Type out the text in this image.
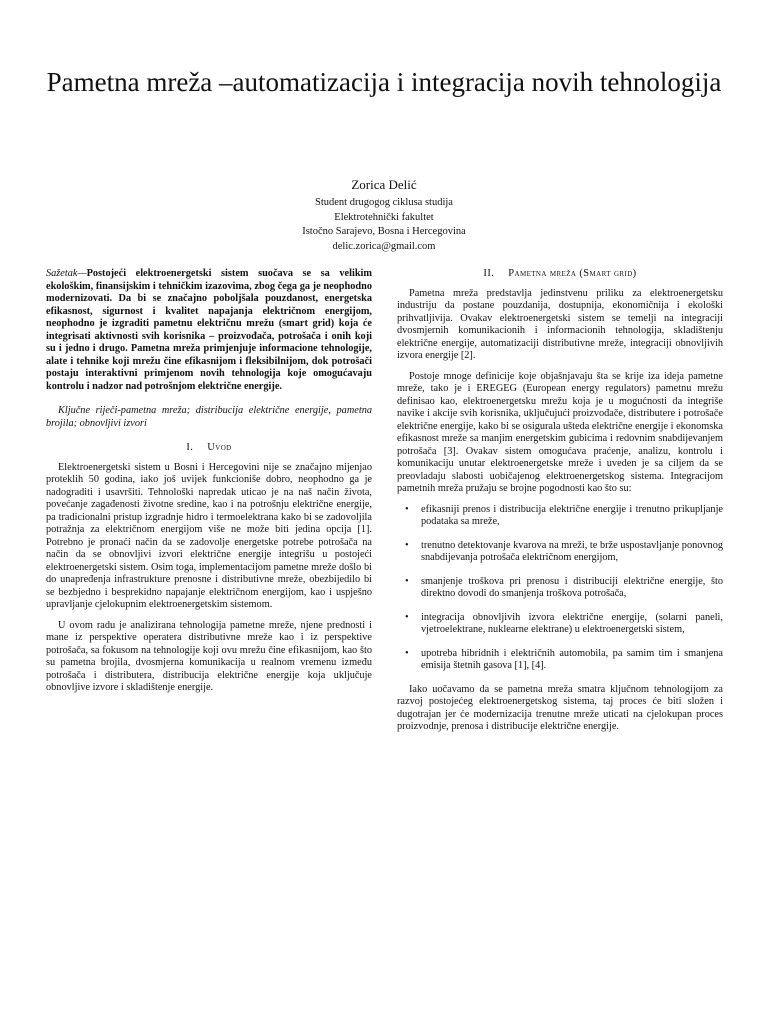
Pametna mreža –automatizacija i integracija novih tehnologija
Zorica Delić
Student drugogog ciklusa studija
Elektrotehnički fakultet
Istočno Sarajevo, Bosna i Hercegovina
delic.zorica@gmail.com

Sažetak—Postojeći elektroenergetski sistem suočava se sa velikim ekološkim, finansijskim i tehničkim izazovima, zbog čega ga je neophodno modernizovati. Da bi se značajno poboljšala pouzdanost, energetska efikasnost, sigurnost i kvalitet napajanja električnom energijom, neophodno je izgraditi pametnu električnu mrežu (smart grid) koja će integrisati aktivnosti svih korisnika – proizvođača, potrošača i onih koji su i jedno i drugo. Pametna mreža primjenjuje informacione tehnologije, alate i tehnike koji mrežu čine efikasnijom i fleksibilnijom, dok potrošači postaju interaktivni primjenom novih tehnologija koje omogućavaju kontrolu i nadzor nad potrošnjom električne energije.

Ključne riječi-pametna mreža; distribucija električne energije, pametna brojila; obnovljivi izvori

I. Uvod

Elektroenergetski sistem u Bosni i Hercegovini nije se značajno mijenjao proteklih 50 godina, iako još uvijek funkcioniše dobro, neophodno ga je nadograditi i usavršiti. Tehnološki napredak uticao je na naš način života, povećanje zagađenosti životne sredine, kao i na potrošnju električne energije, pa tradicionalni pristup izgradnje hidro i termoelektrana kako bi se zadovoljila potražnja za električnom energijom više ne može biti jedina opcija [1]. Potrebno je pronaći način da se zadovolje energetske potrebe potrošača na način da se obnovljivi izvori električne energije integrišu u postojeći elektroenergetski sistem. Osim toga, implementacijom pametne mreže došlo bi do unapređenja infrastrukture prenosne i distributivne mreže, obezbijedilo bi se bezbjedno i besprekidno napajanje električnom energijom, kao i uspješno upravljanje cjelokupnim elektroenergetskim sistemom.

U ovom radu je analizirana tehnologija pametne mreže, njene prednosti i mane iz perspektive operatera distributivne mreže kao i iz perspektive potrošača, sa fokusom na tehnologije koji ovu mrežu čine efikasnijom, kao što su pametna brojila, dvosmjerna komunikacija u realnom vremenu između potrošača i distributera, distribucija električne energije koja uključuje obnovljive izvore i skladištenje energije.

II. Pametna mreža (Smart grid)

Pametna mreža predstavlja jedinstvenu priliku za elektroenergetsku industriju da postane pouzdanija, dostupnija, ekonomičnija i ekološki prihvatljivija. Ovakav elektroenergetski sistem se temelji na integraciji dvosmjernih komunikacionih i informacionih tehnologija, skladištenju električne energije, automatizaciji distributivne mreže, integraciji obnovljivih izvora energije [2].

Postoje mnoge definicije koje objašnjavaju šta se krije iza ideja pametne mreže, tako je i EREGEG (European energy regulators) pametnu mrežu definisao kao, elektroenergetsku mrežu koja je u mogućnosti da integriše navike i akcije svih korisnika, uključujući proizvođače, distributere i potrošače električne energije, kako bi se osigurala ušteda električne energije i ekonomska efikasnost mreže sa manjim energetskim gubicima i redovnim snabdijevanjem potrošača [3]. Ovakav sistem omogućava praćenje, analizu, kontrolu i komunikaciju unutar elektroenergetske mreže i uveden je sa ciljem da se preovladaju slabosti uobičajenog elektroenergetskog sistema. Integracijom pametnih mreža pružaju se brojne pogodnosti kao što su:

• efikasniji prenos i distribucija električne energije i trenutno prikupljanje podataka sa mreže,
• trenutno detektovanje kvarova na mreži, te brže uspostavljanje ponovnog snabdijevanja potrošača električnom energijom,
• smanjenje troškova pri prenosu i distribuciji električne energije, što direktno dovodi do smanjenja troškova potrošača,
• integracija obnovljivih izvora električne energije, (solarni paneli, vjetroelektrane, nuklearne elektrane) u elektroenergetski sistem,
• upotreba hibridnih i električnih automobila, pa samim tim i smanjena emisija štetnih gasova [1], [4].

Iako uočavamo da se pametna mreža smatra ključnom tehnologijom za razvoj postojećeg elektroenergetskog sistema, taj proces će biti složen i dugotrajan jer će modernizacija trenutne mreže uticati na cjelokupan proces proizvodnje, prenosa i distribucije električne energije.
